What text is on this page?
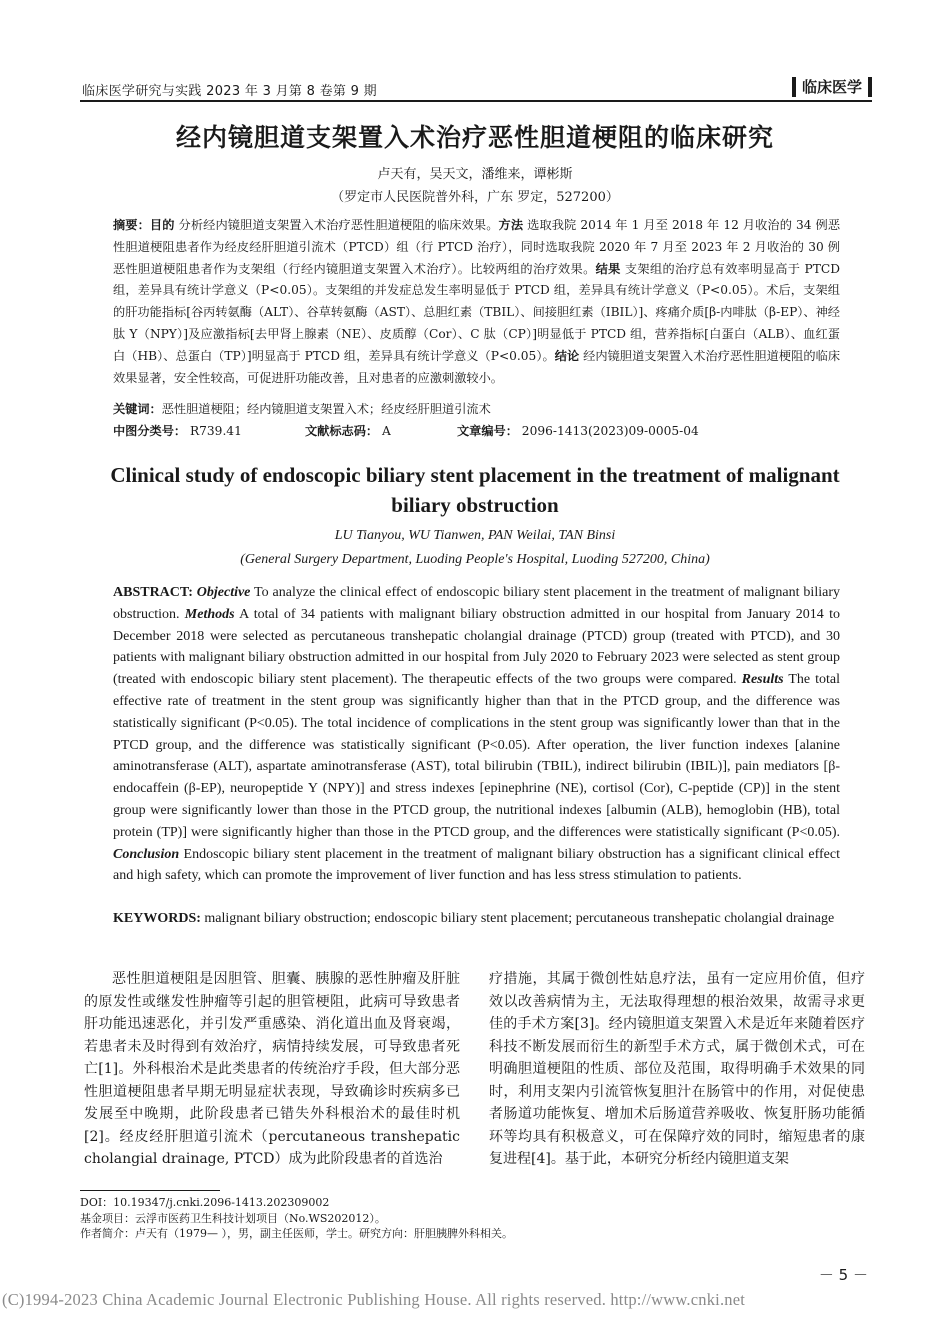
临床医学研究与实践 2023 年 3 月第 8 卷第 9 期	临床医学
经内镜胆道支架置入术治疗恶性胆道梗阻的临床研究
卢天有，吴天文，潘维来，谭彬斯
（罗定市人民医院普外科，广东 罗定，527200）
摘要：目的 分析经内镜胆道支架置入术治疗恶性胆道梗阻的临床效果。方法 选取我院 2014 年 1 月至 2018 年 12 月收治的 34 例恶性胆道梗阻患者作为经皮经肝胆道引流术（PTCD）组（行 PTCD 治疗），同时选取我院 2020 年 7 月至 2023 年 2 月收治的 30 例恶性胆道梗阻患者作为支架组（行经内镜胆道支架置入术治疗）。比较两组的治疗效果。结果 支架组的治疗总有效率明显高于 PTCD 组，差异具有统计学意义（P<0.05）。支架组的并发症总发生率明显低于 PTCD 组，差异具有统计学意义（P<0.05）。术后，支架组的肝功能指标[谷丙转氨酶（ALT）、谷草转氨酶（AST）、总胆红素（TBIL）、间接胆红素（IBIL）]、疼痛介质[β-内啡肽（β-EP）、神经肽 Y（NPY）]及应激指标[去甲肾上腺素（NE）、皮质醇（Cor）、C 肽（CP）]明显低于 PTCD 组，营养指标[白蛋白（ALB）、血红蛋白（HB）、总蛋白（TP）]明显高于 PTCD 组，差异具有统计学意义（P<0.05）。结论 经内镜胆道支架置入术治疗恶性胆道梗阻的临床效果显著，安全性较高，可促进肝功能改善，且对患者的应激刺激较小。
关键词：恶性胆道梗阻；经内镜胆道支架置入术；经皮经肝胆道引流术
中图分类号： R739.41	文献标志码： A	文章编号： 2096-1413(2023)09-0005-04
Clinical study of endoscopic biliary stent placement in the treatment of malignant biliary obstruction
LU Tianyou, WU Tianwen, PAN Weilai, TAN Binsi
(General Surgery Department, Luoding People's Hospital, Luoding 527200, China)
ABSTRACT: Objective To analyze the clinical effect of endoscopic biliary stent placement in the treatment of malignant biliary obstruction. Methods A total of 34 patients with malignant biliary obstruction admitted in our hospital from January 2014 to December 2018 were selected as percutaneous transhepatic cholangial drainage (PTCD) group (treated with PTCD), and 30 patients with malignant biliary obstruction admitted in our hospital from July 2020 to February 2023 were selected as stent group (treated with endoscopic biliary stent placement). The therapeutic effects of the two groups were compared. Results The total effective rate of treatment in the stent group was significantly higher than that in the PTCD group, and the difference was statistically significant (P<0.05). The total incidence of complications in the stent group was significantly lower than that in the PTCD group, and the difference was statistically significant (P<0.05). After operation, the liver function indexes [alanine aminotransferase (ALT), aspartate aminotransferase (AST), total bilirubin (TBIL), indirect bilirubin (IBIL)], pain mediators [β-endocaffein (β-EP), neuropeptide Y (NPY)] and stress indexes [epinephrine (NE), cortisol (Cor), C-peptide (CP)] in the stent group were significantly lower than those in the PTCD group, the nutritional indexes [albumin (ALB), hemoglobin (HB), total protein (TP)] were significantly higher than those in the PTCD group, and the differences were statistically significant (P<0.05). Conclusion Endoscopic biliary stent placement in the treatment of malignant biliary obstruction has a significant clinical effect and high safety, which can promote the improvement of liver function and has less stress stimulation to patients.
KEYWORDS: malignant biliary obstruction; endoscopic biliary stent placement; percutaneous transhepatic cholangial drainage
恶性胆道梗阻是因胆管、胆囊、胰腺的恶性肿瘤及肝脏的原发性或继发性肿瘤等引起的胆管梗阻，此病可导致患者肝功能迅速恶化，并引发严重感染、消化道出血及肾衰竭，若患者未及时得到有效治疗，病情持续发展，可导致患者死亡[1]。外科根治术是此类患者的传统治疗手段，但大部分恶性胆道梗阻患者早期无明显症状表现，导致确诊时疾病多已发展至中晚期，此阶段患者已错失外科根治术的最佳时机[2]。经皮经肝胆道引流术（percutaneous transhepatic cholangial drainage, PTCD）成为此阶段患者的首选治
疗措施，其属于微创性姑息疗法，虽有一定应用价值，但疗效以改善病情为主，无法取得理想的根治效果，故需寻求更佳的手术方案[3]。经内镜胆道支架置入术是近年来随着医疗科技不断发展而衍生的新型手术方式，属于微创术式，可在明确胆道梗阻的性质、部位及范围，取得明确手术效果的同时，利用支架内引流管恢复胆汁在肠管中的作用，对促使患者肠道功能恢复、增加术后肠道营养吸收、恢复肝肠功能循环等均具有积极意义，可在保障疗效的同时，缩短患者的康复进程[4]。基于此，本研究分析经内镜胆道支架
DOI：10.19347/j.cnki.2096-1413.202309002
基金项目：云浮市医药卫生科技计划项目（No.WS202012）。
作者简介：卢天有（1979— ），男，副主任医师，学士。研究方向：肝胆胰脾外科相关。
－ 5 －
(C)1994-2023 China Academic Journal Electronic Publishing House. All rights reserved. http://www.cnki.net
